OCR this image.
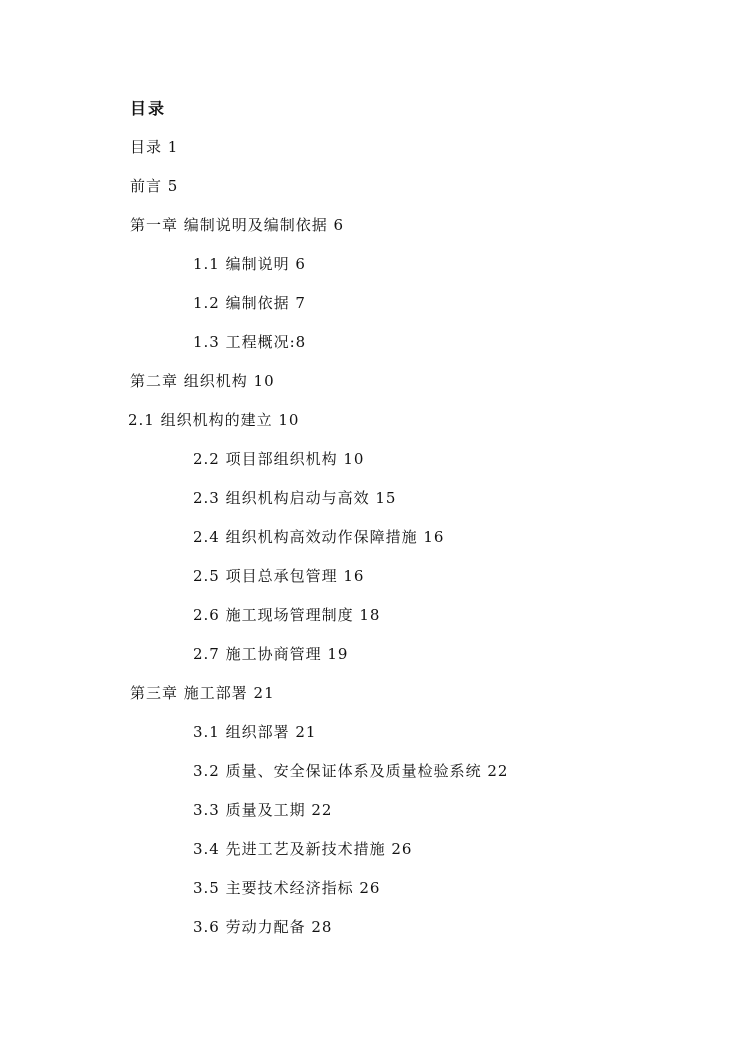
目录
目录 1
前言 5
第一章 编制说明及编制依据 6
1.1 编制说明 6
1.2 编制依据 7
1.3 工程概况:8
第二章 组织机构 10
2.1 组织机构的建立 10
2.2 项目部组织机构 10
2.3 组织机构启动与高效 15
2.4 组织机构高效动作保障措施 16
2.5 项目总承包管理 16
2.6 施工现场管理制度 18
2.7 施工协商管理 19
第三章 施工部署 21
3.1 组织部署 21
3.2 质量、安全保证体系及质量检验系统 22
3.3 质量及工期 22
3.4 先进工艺及新技术措施 26
3.5 主要技术经济指标 26
3.6 劳动力配备 28
